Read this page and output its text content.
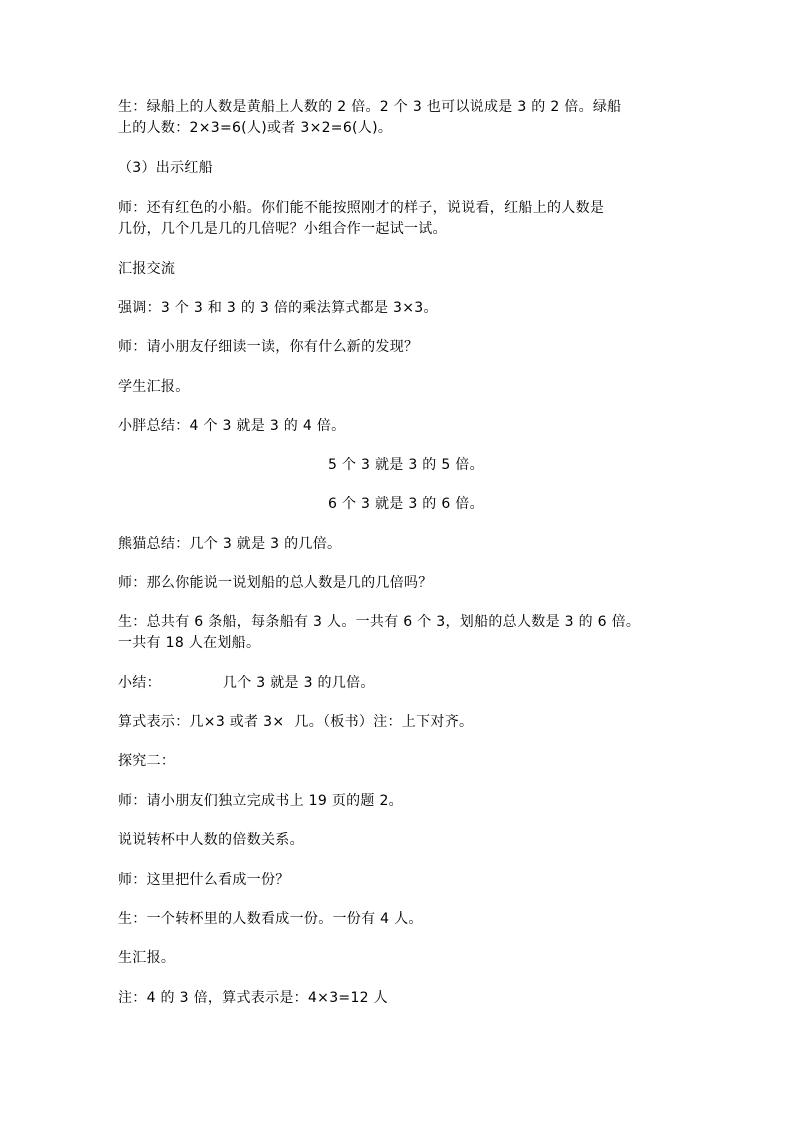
生：绿船上的人数是黄船上人数的 2 倍。2 个 3 也可以说成是 3 的 2 倍。绿船
上的人数：2×3=6(人)或者 3×2=6(人)。
（3）出示红船
师：还有红色的小船。你们能不能按照刚才的样子，说说看，红船上的人数是
几份，几个几是几的几倍呢？小组合作一起试一试。
汇报交流
强调：3 个 3 和 3 的 3 倍的乘法算式都是 3×3。
师：请小朋友仔细读一读，你有什么新的发现？
学生汇报。
小胖总结：4 个 3 就是 3 的 4 倍。
5 个 3 就是 3 的 5 倍。
6 个 3 就是 3 的 6 倍。
熊猫总结：几个 3 就是 3 的几倍。
师：那么你能说一说划船的总人数是几的几倍吗？
生：总共有 6 条船，每条船有 3 人。一共有 6 个 3，划船的总人数是 3 的 6 倍。
一共有 18 人在划船。
小结：	几个 3 就是 3 的几倍。
算式表示：几×3 或者 3× 几。（板书）注：上下对齐。
探究二：
师：请小朋友们独立完成书上 19 页的题 2。
说说转杯中人数的倍数关系。
师：这里把什么看成一份？
生：一个转杯里的人数看成一份。一份有 4 人。
生汇报。
注：4 的 3 倍，算式表示是：4×3=12 人
